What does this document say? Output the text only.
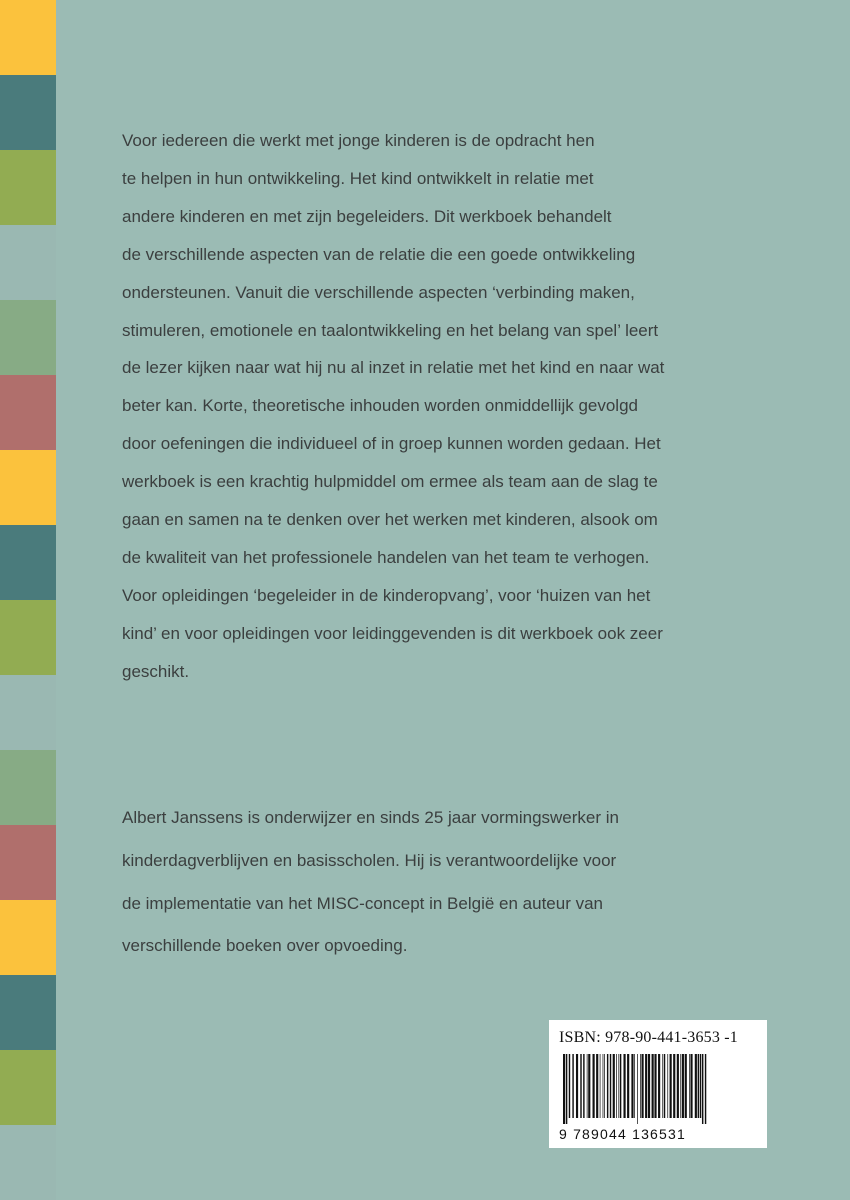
Voor iedereen die werkt met jonge kinderen is de opdracht hen
te helpen in hun ontwikkeling. Het kind ontwikkelt in relatie met
andere kinderen en met zijn begeleiders. Dit werkboek behandelt
de verschillende aspecten van de relatie die een goede ontwikkeling
ondersteunen. Vanuit die verschillende aspecten ‘verbinding maken,
stimuleren, emotionele en taalontwikkeling en het belang van spel’ leert
de lezer kijken naar wat hij nu al inzet in relatie met het kind en naar wat
beter kan. Korte, theoretische inhouden worden onmiddellijk gevolgd
door oefeningen die individueel of in groep kunnen worden gedaan. Het
werkboek is een krachtig hulpmiddel om ermee als team aan de slag te
gaan en samen na te denken over het werken met kinderen, alsook om
de kwaliteit van het professionele handelen van het team te verhogen.
Voor opleidingen ‘begeleider in de kinderopvang’, voor ‘huizen van het
kind’ en voor opleidingen voor leidinggevenden is dit werkboek ook zeer
geschikt.
Albert Janssens is onderwijzer en sinds 25 jaar vormingswerker in
kinderdagverblijven en basisscholen. Hij is verantwoordelijke voor
de implementatie van het MISC-concept in België en auteur van
verschillende boeken over opvoeding.
ISBN: 978-90-441-3653 -1
9 789044 136531
